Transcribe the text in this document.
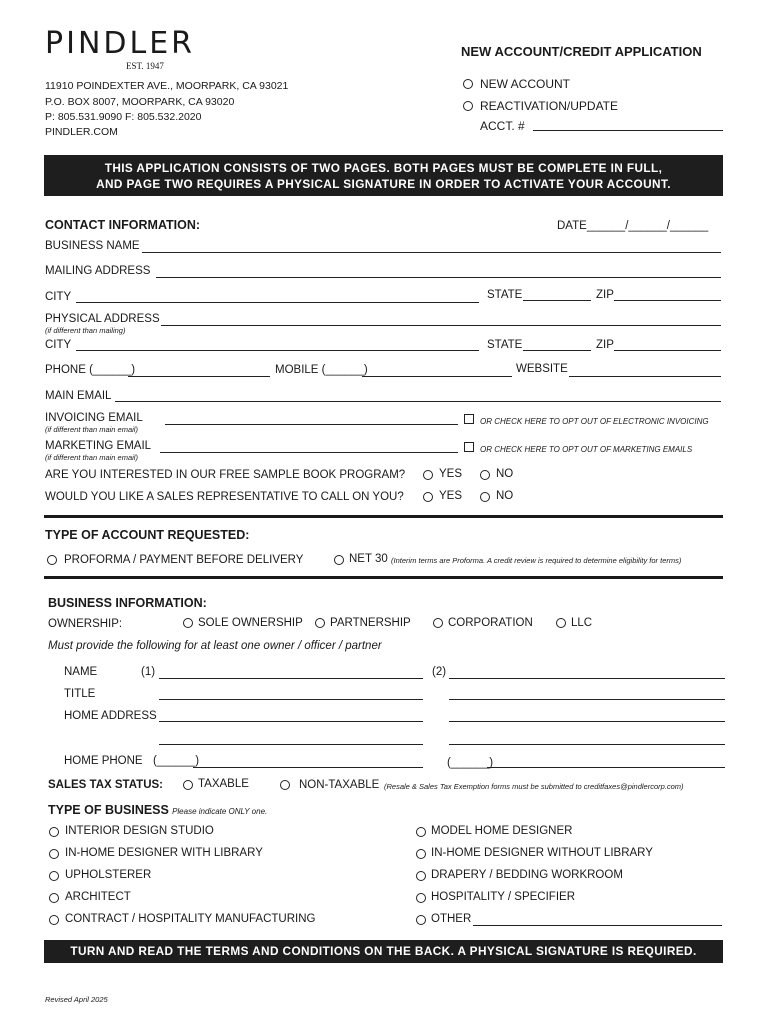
PINDLER
EST. 1947
11910 POINDEXTER AVE., MOORPARK, CA 93021
P.O. BOX 8007, MOORPARK, CA 93020
P: 805.531.9090 F: 805.532.2020
PINDLER.COM
NEW ACCOUNT/CREDIT APPLICATION
NEW ACCOUNT
REACTIVATION/UPDATE
ACCT. #
THIS APPLICATION CONSISTS OF TWO PAGES. BOTH PAGES MUST BE COMPLETE IN FULL,
AND PAGE TWO REQUIRES A PHYSICAL SIGNATURE IN ORDER TO ACTIVATE YOUR ACCOUNT.
CONTACT INFORMATION:	DATE______/______/______
BUSINESS NAME
MAILING ADDRESS
CITY	STATE	ZIP
PHYSICAL ADDRESS
(if different than mailing)
CITY	STATE	ZIP
PHONE (______)	MOBILE (______)	WEBSITE
MAIN EMAIL
INVOICING EMAIL
(if different than main email)
OR CHECK HERE TO OPT OUT OF ELECTRONIC INVOICING
MARKETING EMAIL
(if different than main email)
OR CHECK HERE TO OPT OUT OF MARKETING EMAILS
ARE YOU INTERESTED IN OUR FREE SAMPLE BOOK PROGRAM?	YES	NO
WOULD YOU LIKE A SALES REPRESENTATIVE TO CALL ON YOU?	YES	NO
TYPE OF ACCOUNT REQUESTED:
PROFORMA / PAYMENT BEFORE DELIVERY	NET 30 (Interim terms are Proforma. A credit review is required to determine eligibility for terms)
BUSINESS INFORMATION:
OWNERSHIP:	SOLE OWNERSHIP PARTNERSHIP	CORPORATION	LLC
Must provide the following for at least one owner / officer / partner
NAME	(1)	(2)
TITLE
HOME ADDRESS
HOME PHONE (______)	(______)
SALES TAX STATUS:	TAXABLE	NON-TAXABLE (Resale & Sales Tax Exemption forms must be submitted to creditfaxes@pindlercorp.com)
TYPE OF BUSINESS Please indicate ONLY one.
INTERIOR DESIGN STUDIO
IN-HOME DESIGNER WITH LIBRARY
UPHOLSTERER
ARCHITECT
CONTRACT / HOSPITALITY MANUFACTURING
MODEL HOME DESIGNER
IN-HOME DESIGNER WITHOUT LIBRARY
DRAPERY / BEDDING WORKROOM
HOSPITALITY / SPECIFIER
OTHER
TURN AND READ THE TERMS AND CONDITIONS ON THE BACK. A PHYSICAL SIGNATURE IS REQUIRED.
Revised April 2025
